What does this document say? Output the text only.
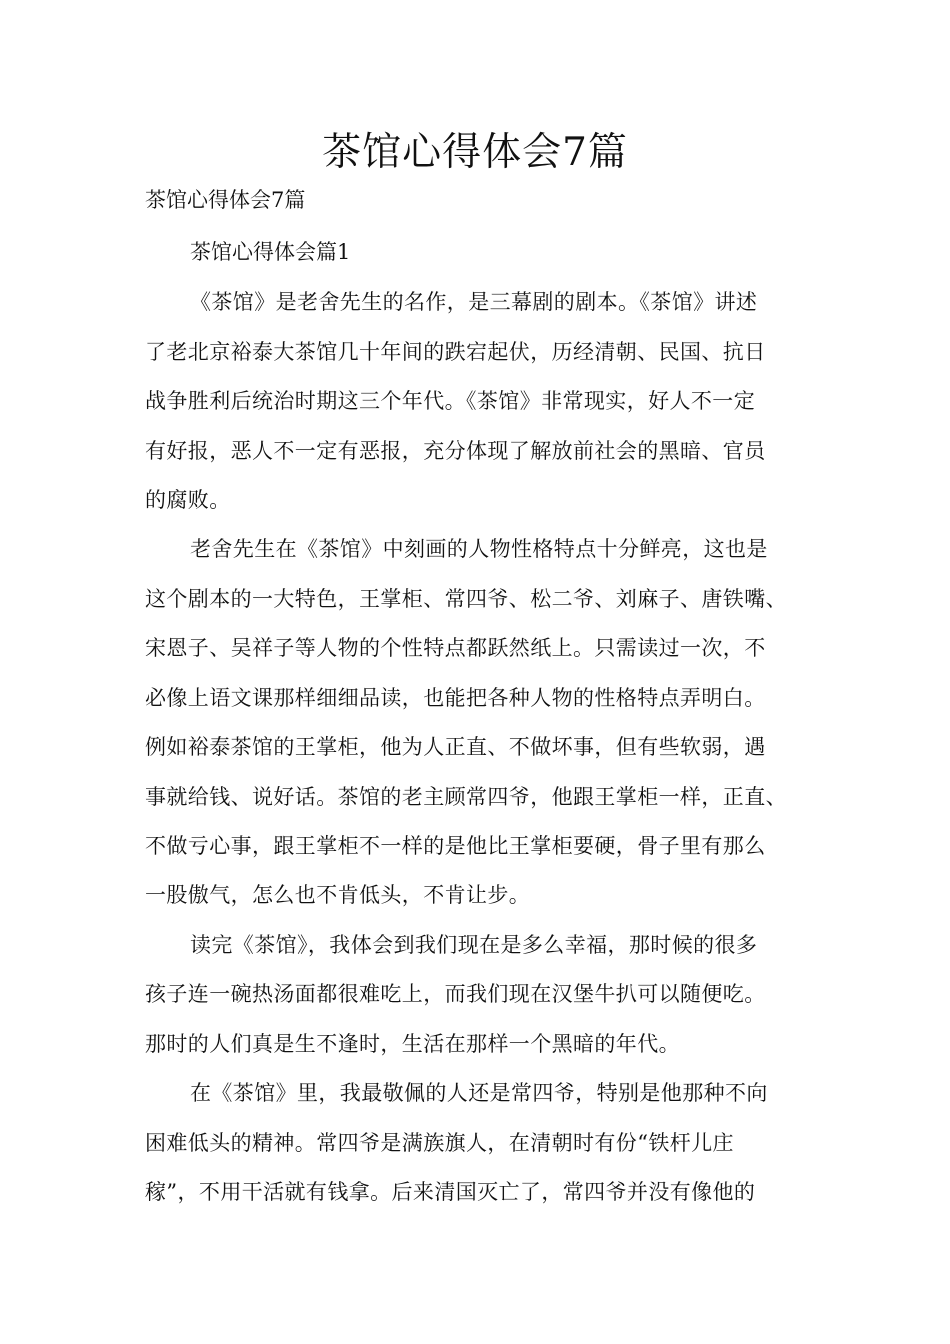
茶馆心得体会7篇
茶馆心得体会7篇
茶馆心得体会篇1
《茶馆》是老舍先生的名作，是三幕剧的剧本。《茶馆》讲述
了老北京裕泰大茶馆几十年间的跌宕起伏，历经清朝、民国、抗日
战争胜利后统治时期这三个年代。《茶馆》非常现实，好人不一定
有好报，恶人不一定有恶报，充分体现了解放前社会的黑暗、官员
的腐败。
老舍先生在《茶馆》中刻画的人物性格特点十分鲜亮，这也是
这个剧本的一大特色，王掌柜、常四爷、松二爷、刘麻子、唐铁嘴、
宋恩子、吴祥子等人物的个性特点都跃然纸上。只需读过一次，不
必像上语文课那样细细品读，也能把各种人物的性格特点弄明白。
例如裕泰茶馆的王掌柜，他为人正直、不做坏事，但有些软弱，遇
事就给钱、说好话。茶馆的老主顾常四爷，他跟王掌柜一样，正直、
不做亏心事，跟王掌柜不一样的是他比王掌柜要硬，骨子里有那么
一股傲气，怎么也不肯低头，不肯让步。
读完《茶馆》，我体会到我们现在是多么幸福，那时候的很多
孩子连一碗热汤面都很难吃上，而我们现在汉堡牛扒可以随便吃。
那时的人们真是生不逢时，生活在那样一个黑暗的年代。
在《茶馆》里，我最敬佩的人还是常四爷，特别是他那种不向
困难低头的精神。常四爷是满族旗人，在清朝时有份“铁杆儿庄
稼”，不用干活就有钱拿。后来清国灭亡了，常四爷并没有像他的
